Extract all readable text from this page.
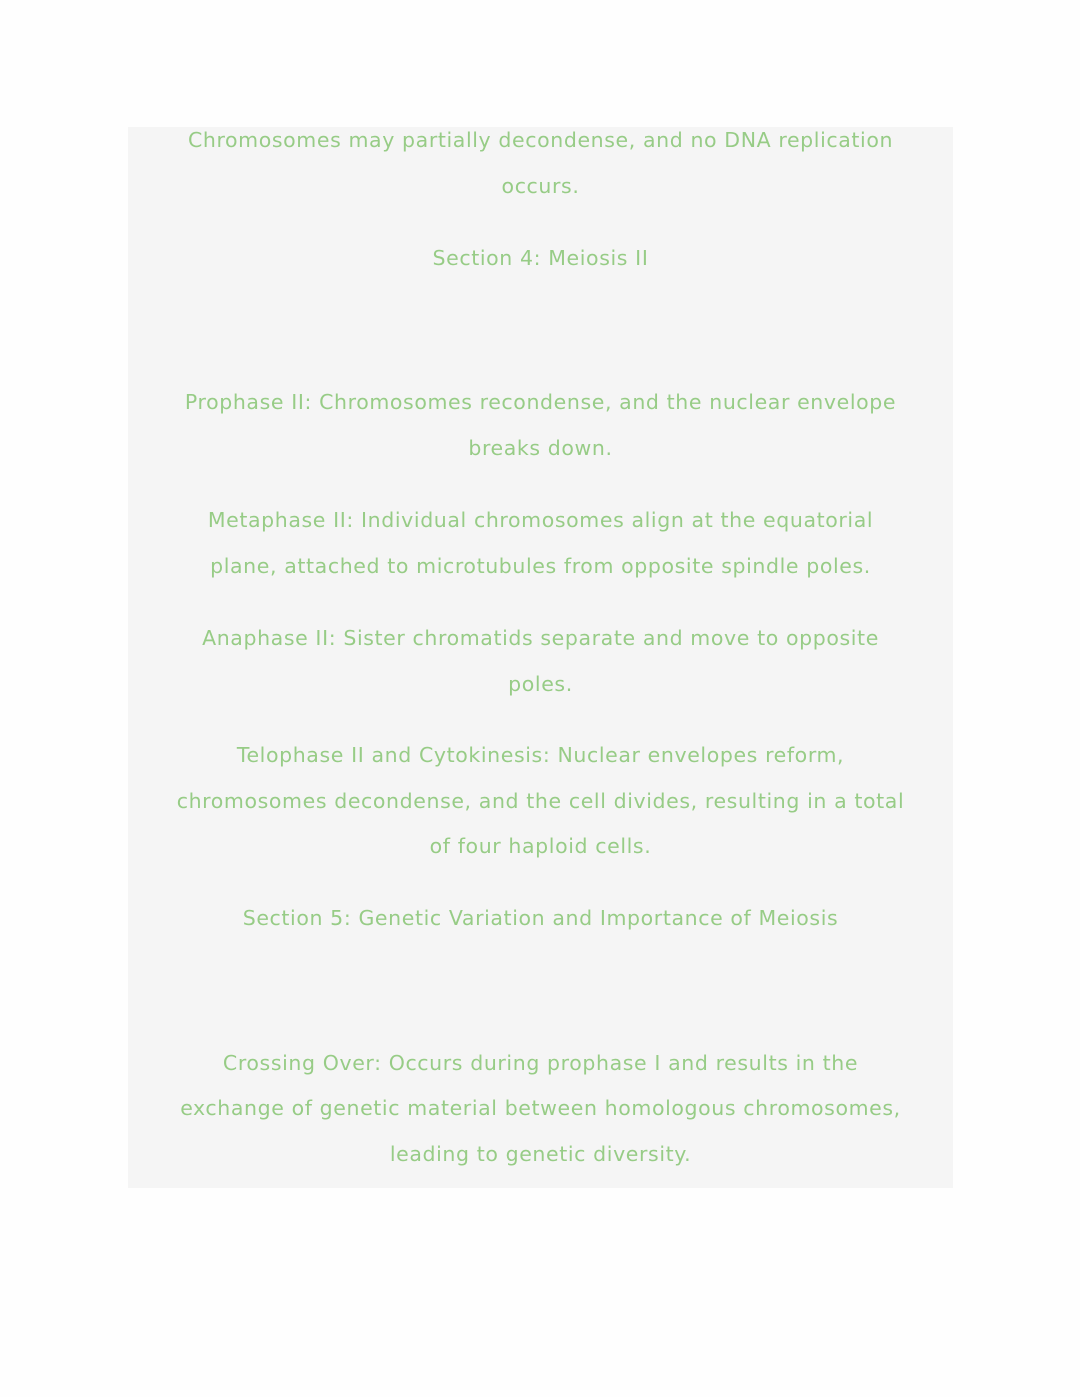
Chromosomes may partially decondense, and no DNA replication
occurs.
Section 4: Meiosis II
Prophase II: Chromosomes recondense, and the nuclear envelope
breaks down.
Metaphase II: Individual chromosomes align at the equatorial
plane, attached to microtubules from opposite spindle poles.
Anaphase II: Sister chromatids separate and move to opposite
poles.
Telophase II and Cytokinesis: Nuclear envelopes reform,
chromosomes decondense, and the cell divides, resulting in a total
of four haploid cells.
Section 5: Genetic Variation and Importance of Meiosis
Crossing Over: Occurs during prophase I and results in the
exchange of genetic material between homologous chromosomes,
leading to genetic diversity.
